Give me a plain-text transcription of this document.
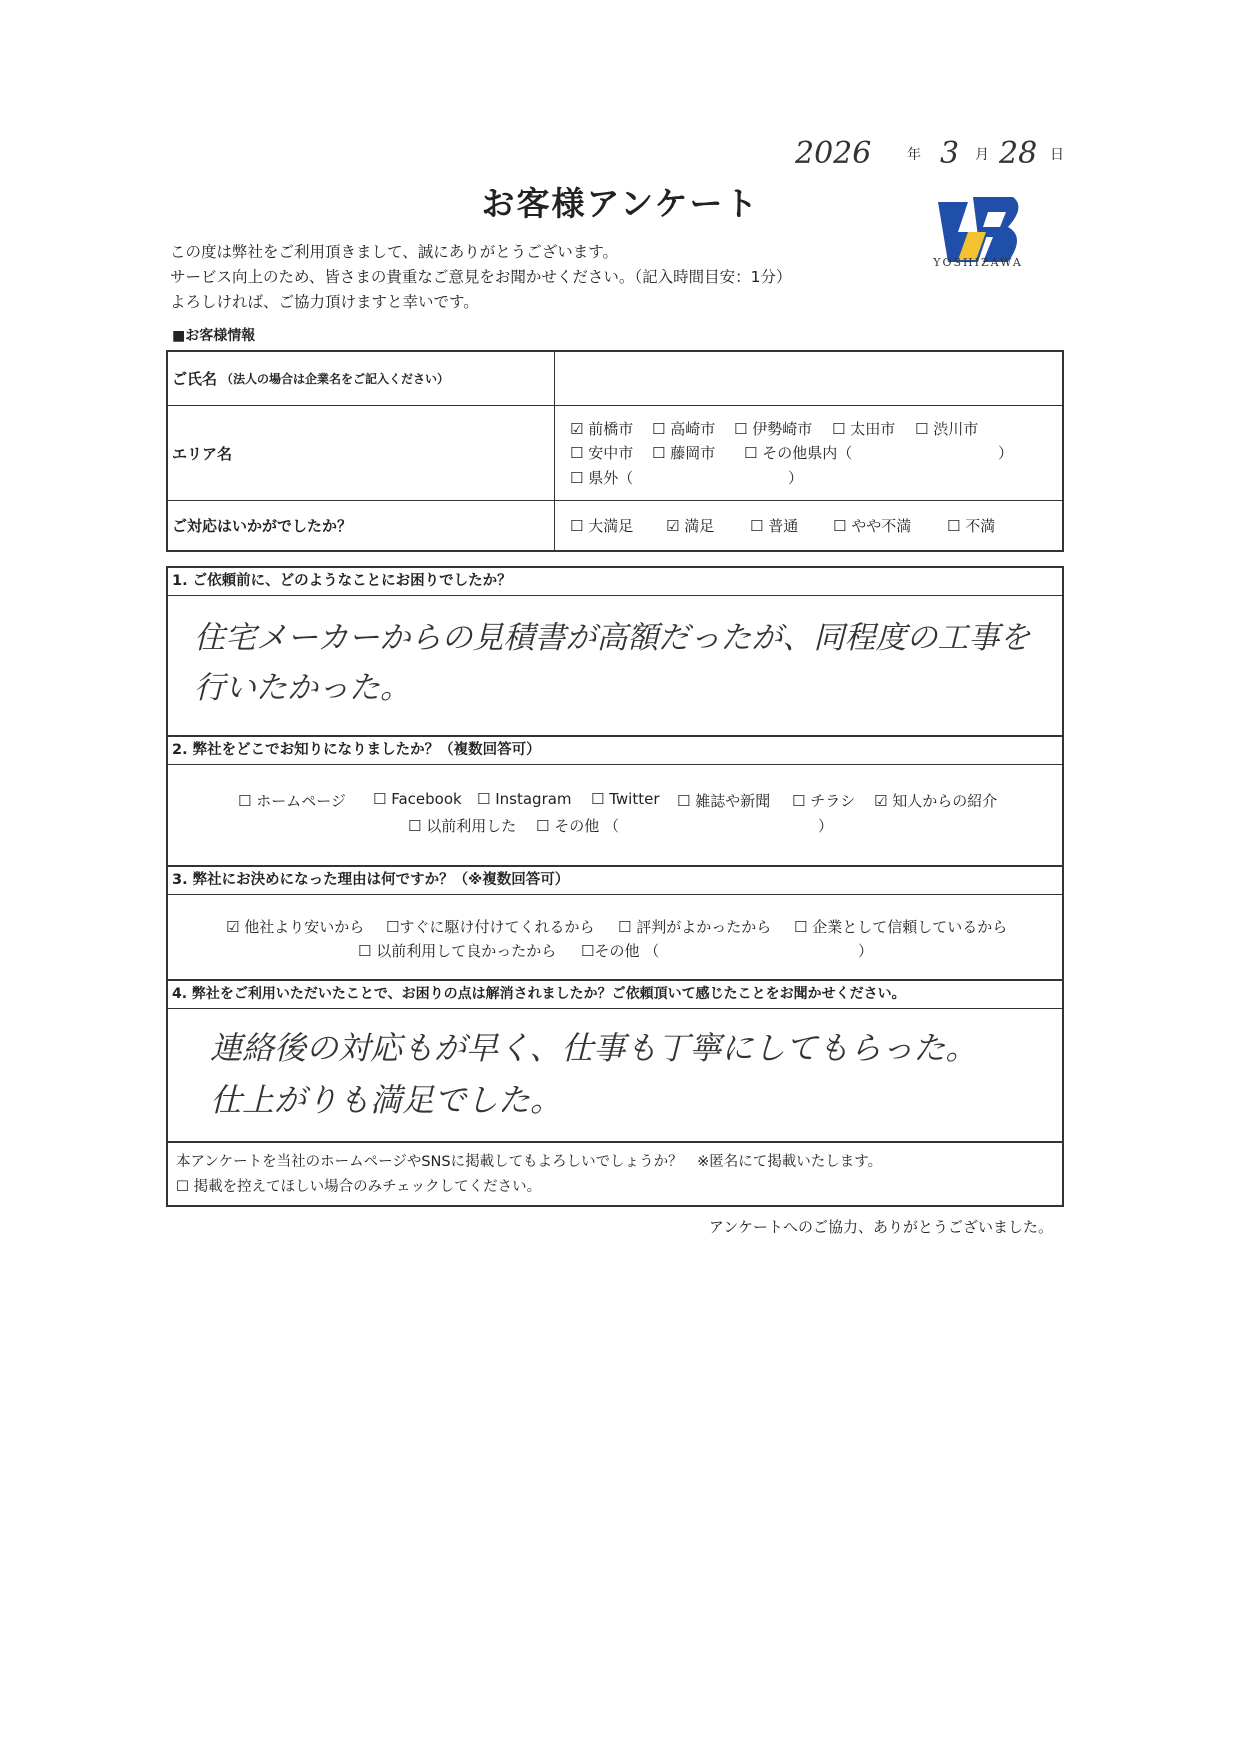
2026	年 3 月 28 日
お客様アンケート
YOSHIZAWA
この度は弊社をご利用頂きまして、誠にありがとうございます。
サービス向上のため、皆さまの貴重なご意見をお聞かせください。（記入時間目安：1分）
よろしければ、ご協力頂けますと幸いです。
■お客様情報
ご氏名 （法人の場合は企業名をご記入ください）
エリア名
☑ 前橋市 ☐ 高崎市 ☐ 伊勢崎市 ☐ 太田市 ☐ 渋川市
☐ 安中市 ☐ 藤岡市 ☐ その他県内（	）
☐ 県外（	）
ご対応はいかがでしたか？	☐ 大満足 ☑ 満足 ☐ 普通 ☐ やや不満 ☐ 不満
1. ご依頼前に、どのようなことにお困りでしたか？
住宅メーカーからの見積書が高額だったが、同程度の工事を
行いたかった。
2. 弊社をどこでお知りになりましたか？（複数回答可）
☐ ホームページ ☐ Facebook ☐ Instagram ☐ Twitter ☐ 雑誌や新聞 ☐ チラシ ☑ 知人からの紹介
☐ 以前利用した ☐ その他 （	）
3. 弊社にお決めになった理由は何ですか？（※複数回答可）
☑ 他社より安いから ☐すぐに駆け付けてくれるから ☐ 評判がよかったから ☐ 企業として信頼しているから
☐ 以前利用して良かったから ☐その他 （	）
4. 弊社をご利用いただいたことで、お困りの点は解消されましたか？ご依頼頂いて感じたことをお聞かせください。
連絡後の対応もが早く、仕事も丁寧にしてもらった。
仕上がりも満足でした。
本アンケートを当社のホームページやSNSに掲載してもよろしいでしょうか？　※匿名にて掲載いたします。
☐ 掲載を控えてほしい場合のみチェックしてください。
アンケートへのご協力、ありがとうございました。
